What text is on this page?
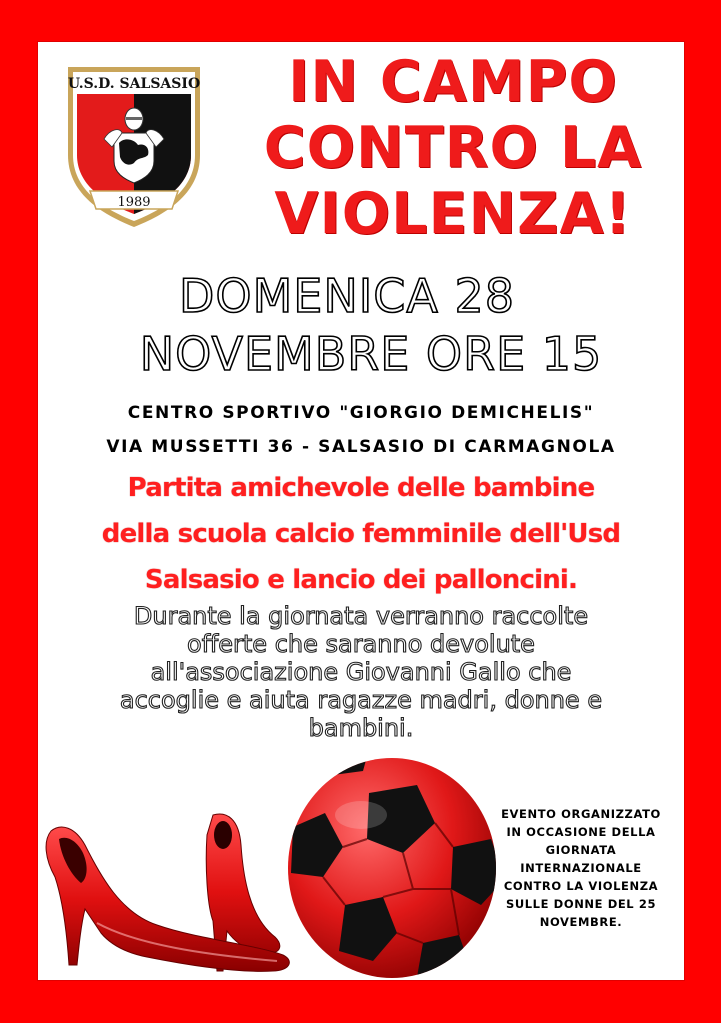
U.S.D. SALSASIO
1989
IN CAMPO
CONTRO LA
VIOLENZA!
DOMENICA 28
NOVEMBRE ORE 15
CENTRO SPORTIVO "GIORGIO DEMICHELIS"
VIA MUSSETTI 36 - SALSASIO DI CARMAGNOLA
Partita amichevole delle bambine
della scuola calcio femminile dell'Usd
Salsasio e lancio dei palloncini.
Durante la giornata verranno raccolte
offerte che saranno devolute
all'associazione Giovanni Gallo che
accoglie e aiuta ragazze madri, donne e
bambini.
EVENTO ORGANIZZATO
IN OCCASIONE DELLA
GIORNATA
INTERNAZIONALE
CONTRO LA VIOLENZA
SULLE DONNE DEL 25
NOVEMBRE.
